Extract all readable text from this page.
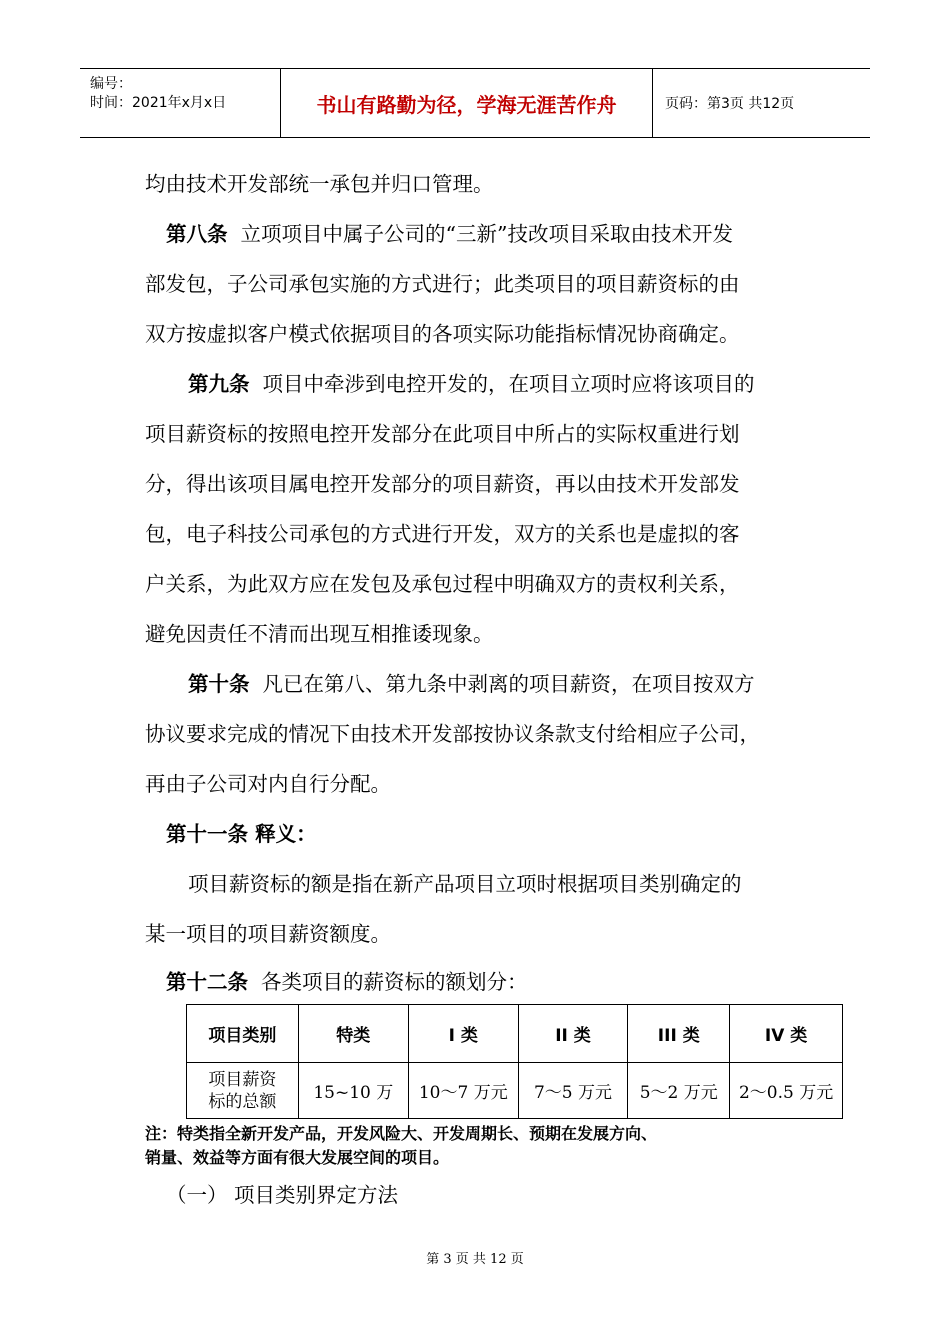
编号：
时间：2021年x月x日	书山有路勤为径，学海无涯苦作舟	页码：第3页 共12页
均由技术开发部统一承包并归口管理。
第八条 立项项目中属子公司的“三新”技改项目采取由技术开发
部发包，子公司承包实施的方式进行；此类项目的项目薪资标的由
双方按虚拟客户模式依据项目的各项实际功能指标情况协商确定。
第九条 项目中牵涉到电控开发的，在项目立项时应将该项目的
项目薪资标的按照电控开发部分在此项目中所占的实际权重进行划
分，得出该项目属电控开发部分的项目薪资，再以由技术开发部发
包，电子科技公司承包的方式进行开发，双方的关系也是虚拟的客
户关系，为此双方应在发包及承包过程中明确双方的责权利关系，
避免因责任不清而出现互相推诿现象。
第十条 凡已在第八、第九条中剥离的项目薪资，在项目按双方
协议要求完成的情况下由技术开发部按协议条款支付给相应子公司，
再由子公司对内自行分配。
第十一条 释义：
项目薪资标的额是指在新产品项目立项时根据项目类别确定的
某一项目的项目薪资额度。
第十二条 各类项目的薪资标的额划分：
项目类别	特类	I 类	II 类	III 类	IV 类

项目薪资
标的总额	15~10 万	10～7 万元	7～5 万元	5～2 万元	2～0.5 万元
注：特类指全新开发产品，开发风险大、开发周期长、预期在发展方向、
销量、效益等方面有很大发展空间的项目。
（一） 项目类别界定方法
第 3 页 共 12 页
